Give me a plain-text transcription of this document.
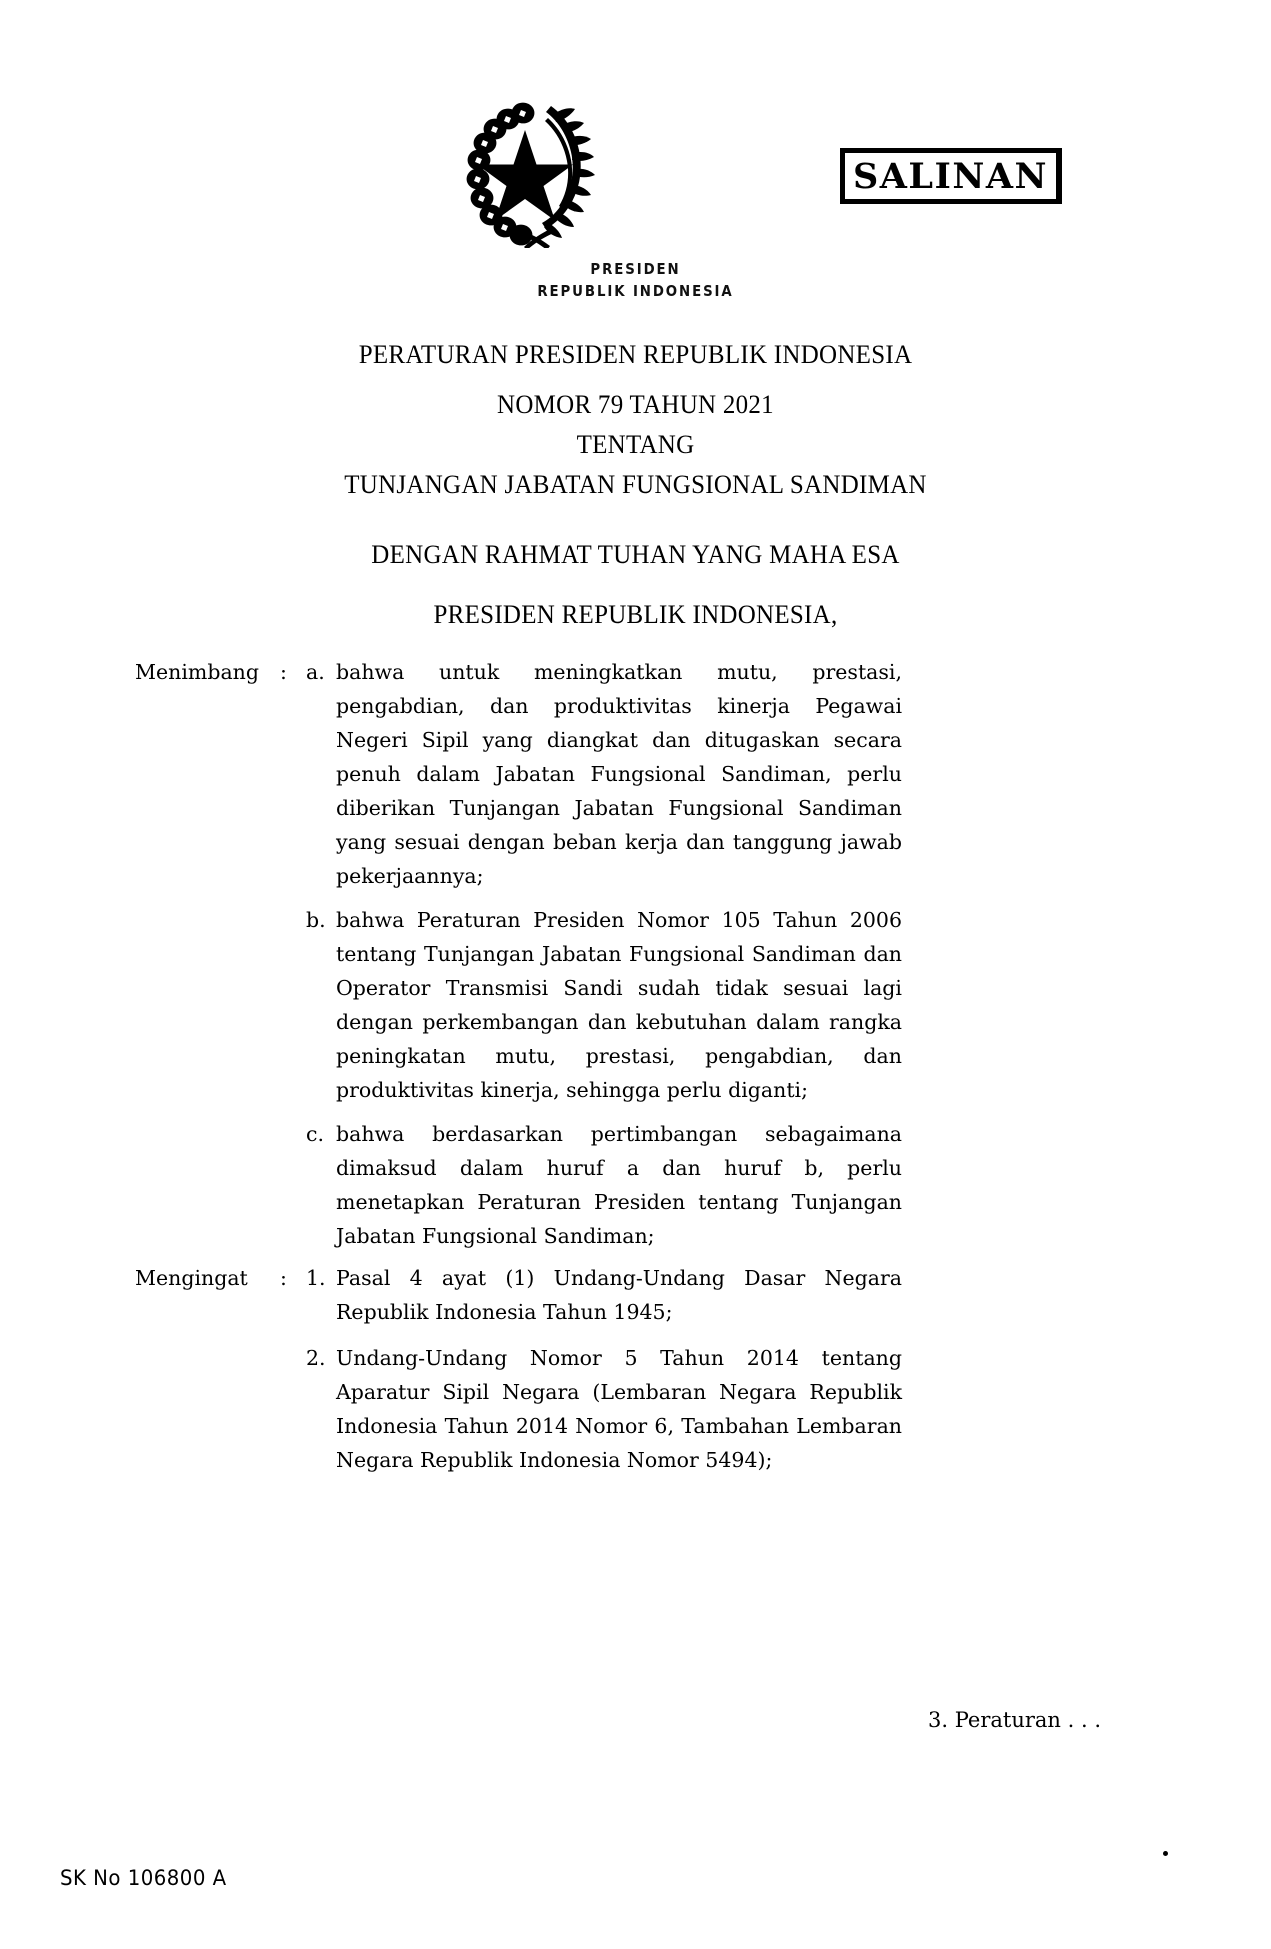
SALINAN
PRESIDEN
REPUBLIK INDONESIA
PERATURAN PRESIDEN REPUBLIK INDONESIA
NOMOR 79 TAHUN 2021
TENTANG
TUNJANGAN JABATAN FUNGSIONAL SANDIMAN
DENGAN RAHMAT TUHAN YANG MAHA ESA
PRESIDEN REPUBLIK INDONESIA,
Menimbang	: a. bahwa untuk meningkatkan mutu, prestasi, pengabdian, dan produktivitas kinerja Pegawai Negeri Sipil yang diangkat dan ditugaskan secara penuh dalam Jabatan Fungsional Sandiman, perlu diberikan Tunjangan Jabatan Fungsional Sandiman yang sesuai dengan beban kerja dan tanggung jawab pekerjaannya;
b. bahwa Peraturan Presiden Nomor 105 Tahun 2006 tentang Tunjangan Jabatan Fungsional Sandiman dan Operator Transmisi Sandi sudah tidak sesuai lagi dengan perkembangan dan kebutuhan dalam rangka peningkatan mutu, prestasi, pengabdian, dan produktivitas kinerja, sehingga perlu diganti;
c. bahwa berdasarkan pertimbangan sebagaimana dimaksud dalam huruf a dan huruf b, perlu menetapkan Peraturan Presiden tentang Tunjangan Jabatan Fungsional Sandiman;
Mengingat	: 1. Pasal 4 ayat (1) Undang-Undang Dasar Negara Republik Indonesia Tahun 1945;
2. Undang-Undang Nomor 5 Tahun 2014 tentang Aparatur Sipil Negara (Lembaran Negara Republik Indonesia Tahun 2014 Nomor 6, Tambahan Lembaran Negara Republik Indonesia Nomor 5494);
3. Peraturan . . .
SK No 106800 A
